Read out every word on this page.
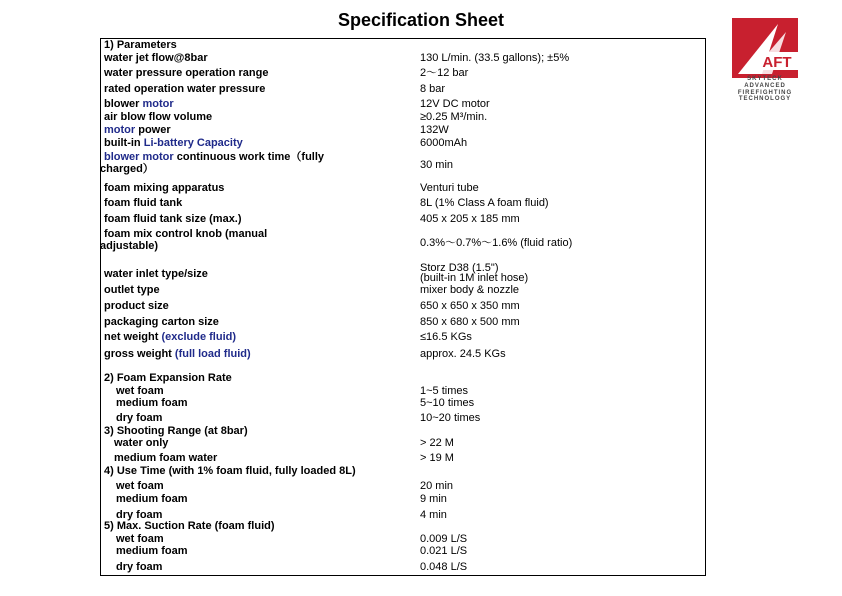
Specification Sheet
AFT
SKYTECK
ADVANCED
FIREFIGHTING
TECHNOLOGY
1) Parameters
water jet flow@8bar	130 L/min. (33.5 gallons); ±5%
water pressure operation range	2～12 bar
rated operation water pressure	8 bar
blower motor	12V DC motor
air blow flow volume	≥0.25 M³/min.
motor power	132W
built-in Li-battery Capacity	6000mAh
blower motor continuous work time（fully
charged）	30 min
foam mixing apparatus	Venturi tube
foam fluid tank	8L (1% Class A foam fluid)
foam fluid tank size (max.)	405 x 205 x 185 mm
foam mix control knob (manual
adjustable)	0.3%～0.7%～1.6% (fluid ratio)
Storz D38 (1.5")
water inlet type/size	(built-in 1M inlet hose)
outlet type	mixer body & nozzle
product size	650 x 650 x 350 mm
packaging carton size	850 x 680 x 500 mm
net weight (exclude fluid)	≤16.5 KGs
gross weight (full load fluid)	approx. 24.5 KGs
2) Foam Expansion Rate
wet foam	1~5 times
medium foam	5~10 times
dry foam	10~20 times
3) Shooting Range (at 8bar)
water only	> 22 M
medium foam water	> 19 M
4) Use Time (with 1% foam fluid, fully loaded 8L)
wet foam	20 min
medium foam	9 min
dry foam	4 min
5) Max. Suction Rate (foam fluid)
wet foam	0.009 L/S
medium foam	0.021 L/S
dry foam	0.048 L/S
